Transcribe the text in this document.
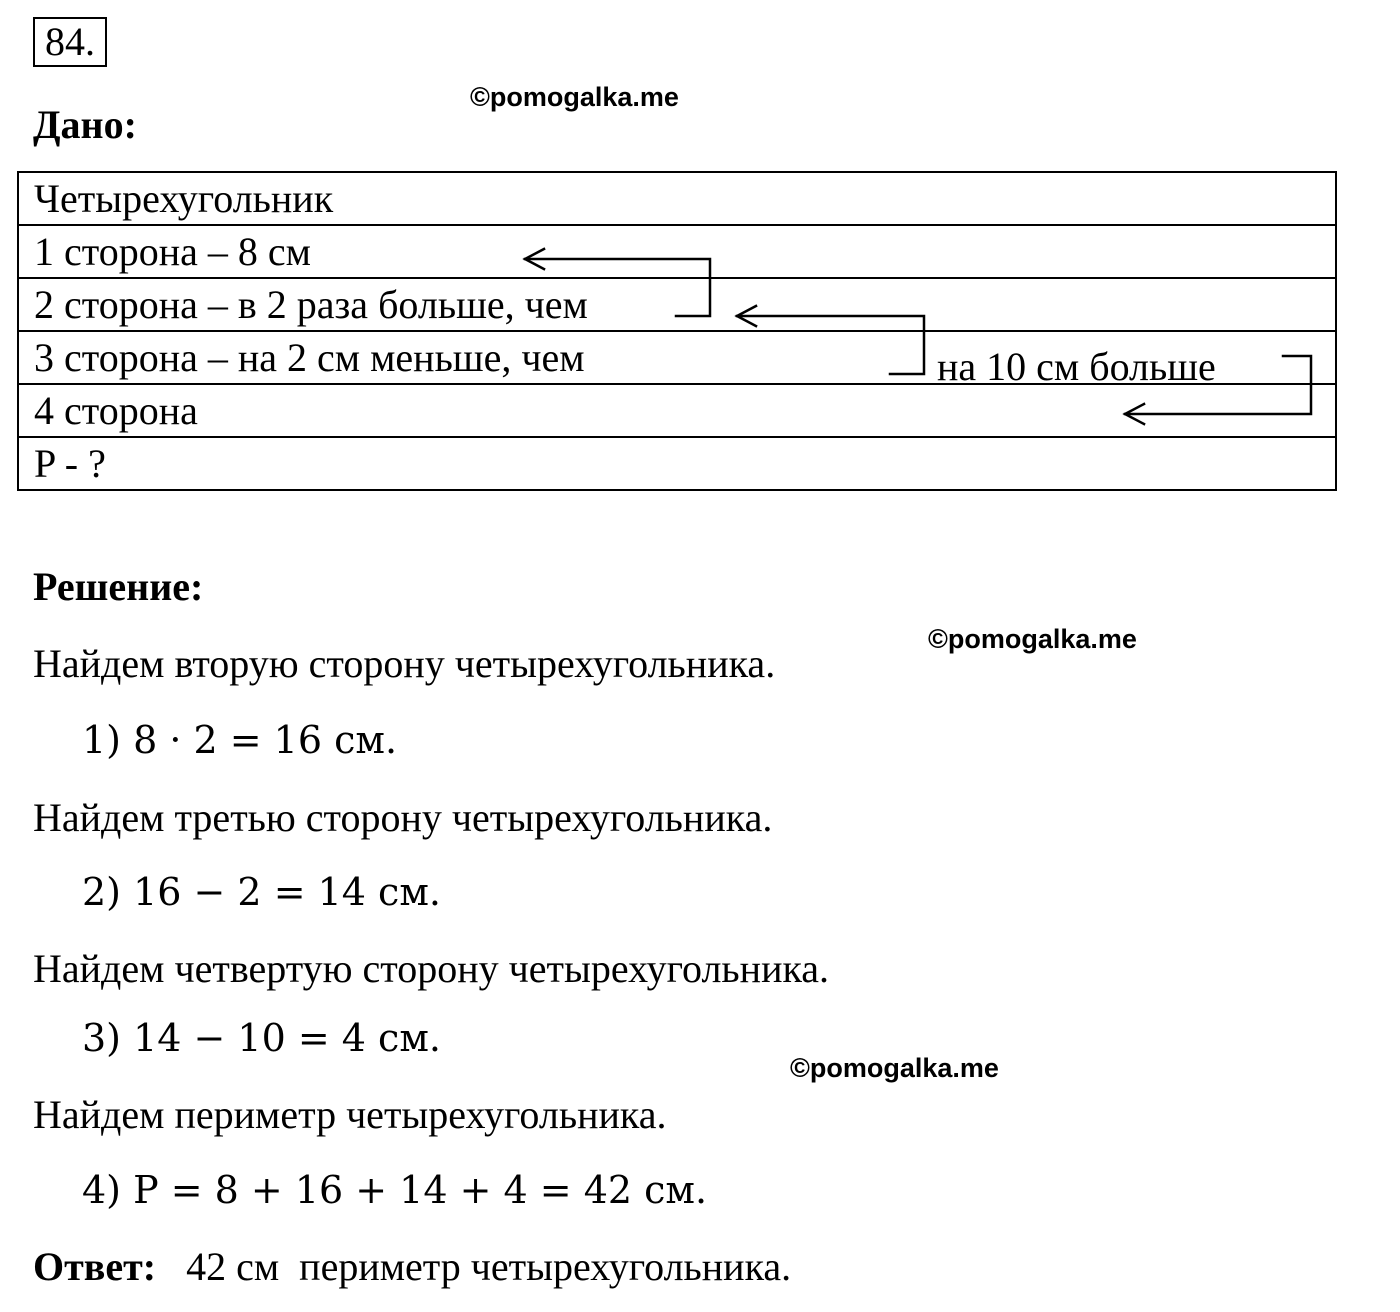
84.
Дано:
©pomogalka.me
Четырехугольник
1 сторона – 8 см
2 сторона – в 2 раза больше, чем
3 сторона – на 2 см меньше, чем
4 сторона
P - ?
на 10 см больше
Решение:
©pomogalka.me
Найдем вторую сторону четырехугольника.
1) 8 · 2 = 16 см.
Найдем третью сторону четырехугольника.
2) 16 − 2 = 14 см.
Найдем четвертую сторону четырехугольника.
3) 14 − 10 = 4 см.
©pomogalka.me
Найдем периметр четырехугольника.
4) P = 8 + 16 + 14 + 4 = 42 см.
Ответ: 42 см  периметр четырехугольника.
